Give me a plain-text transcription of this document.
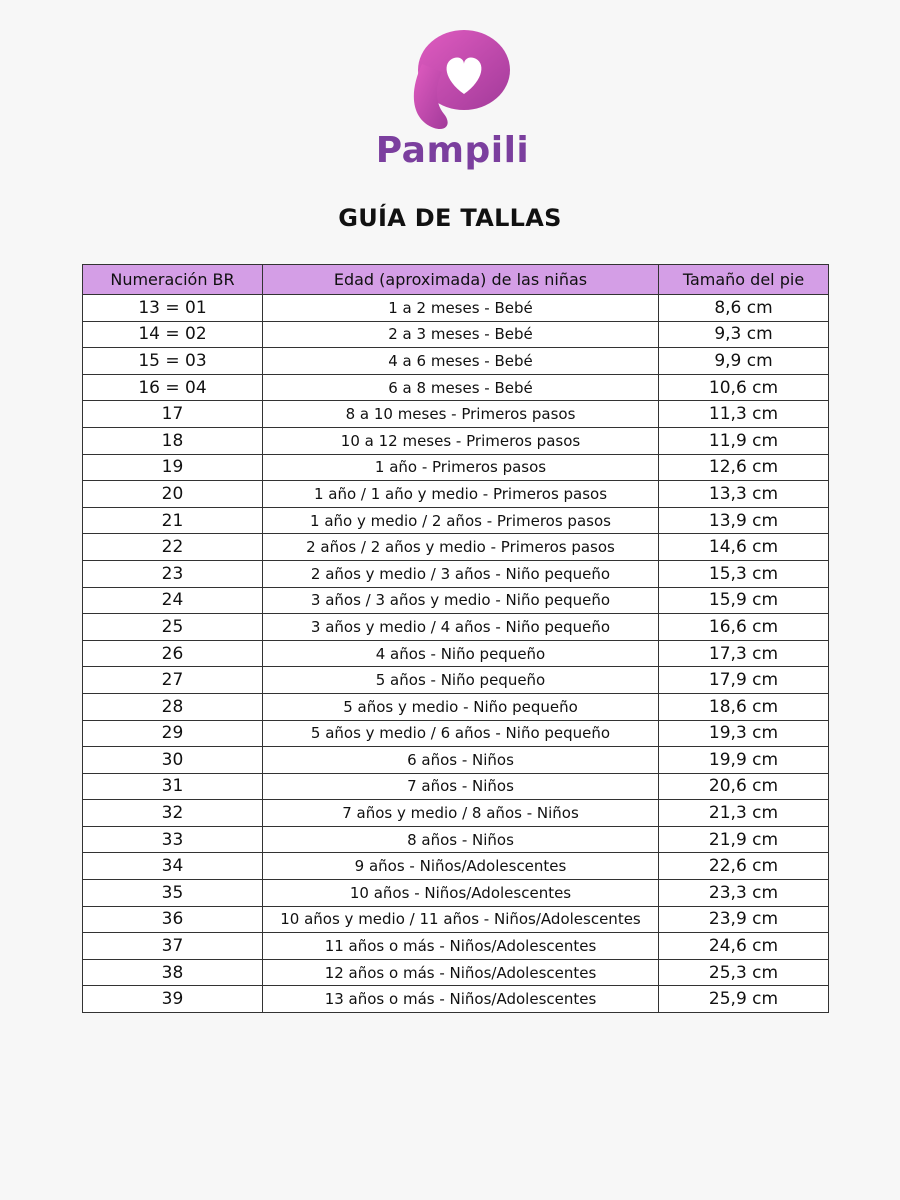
Pampili
GUÍA DE TALLAS
Numeración BR	Edad (aproximada) de las niñas	Tamaño del pie
13 = 01	1 a 2 meses - Bebé	8,6 cm
14 = 02	2 a 3 meses - Bebé	9,3 cm
15 = 03	4 a 6 meses - Bebé	9,9 cm
16 = 04	6 a 8 meses - Bebé	10,6 cm
17	8 a 10 meses - Primeros pasos	11,3 cm
18	10 a 12 meses - Primeros pasos	11,9 cm
19	1 año - Primeros pasos	12,6 cm
20	1 año / 1 año y medio - Primeros pasos	13,3 cm
21	1 año y medio / 2 años - Primeros pasos	13,9 cm
22	2 años / 2 años y medio - Primeros pasos	14,6 cm
23	2 años y medio / 3 años - Niño pequeño	15,3 cm
24	3 años / 3 años y medio - Niño pequeño	15,9 cm
25	3 años y medio / 4 años - Niño pequeño	16,6 cm
26	4 años - Niño pequeño	17,3 cm
27	5 años - Niño pequeño	17,9 cm
28	5 años y medio - Niño pequeño	18,6 cm
29	5 años y medio / 6 años - Niño pequeño	19,3 cm
30	6 años - Niños	19,9 cm
31	7 años - Niños	20,6 cm
32	7 años y medio / 8 años - Niños	21,3 cm
33	8 años - Niños	21,9 cm
34	9 años - Niños/Adolescentes	22,6 cm
35	10 años - Niños/Adolescentes	23,3 cm
36	10 años y medio / 11 años - Niños/Adolescentes	23,9 cm
37	11 años o más - Niños/Adolescentes	24,6 cm
38	12 años o más - Niños/Adolescentes	25,3 cm
39	13 años o más - Niños/Adolescentes	25,9 cm
